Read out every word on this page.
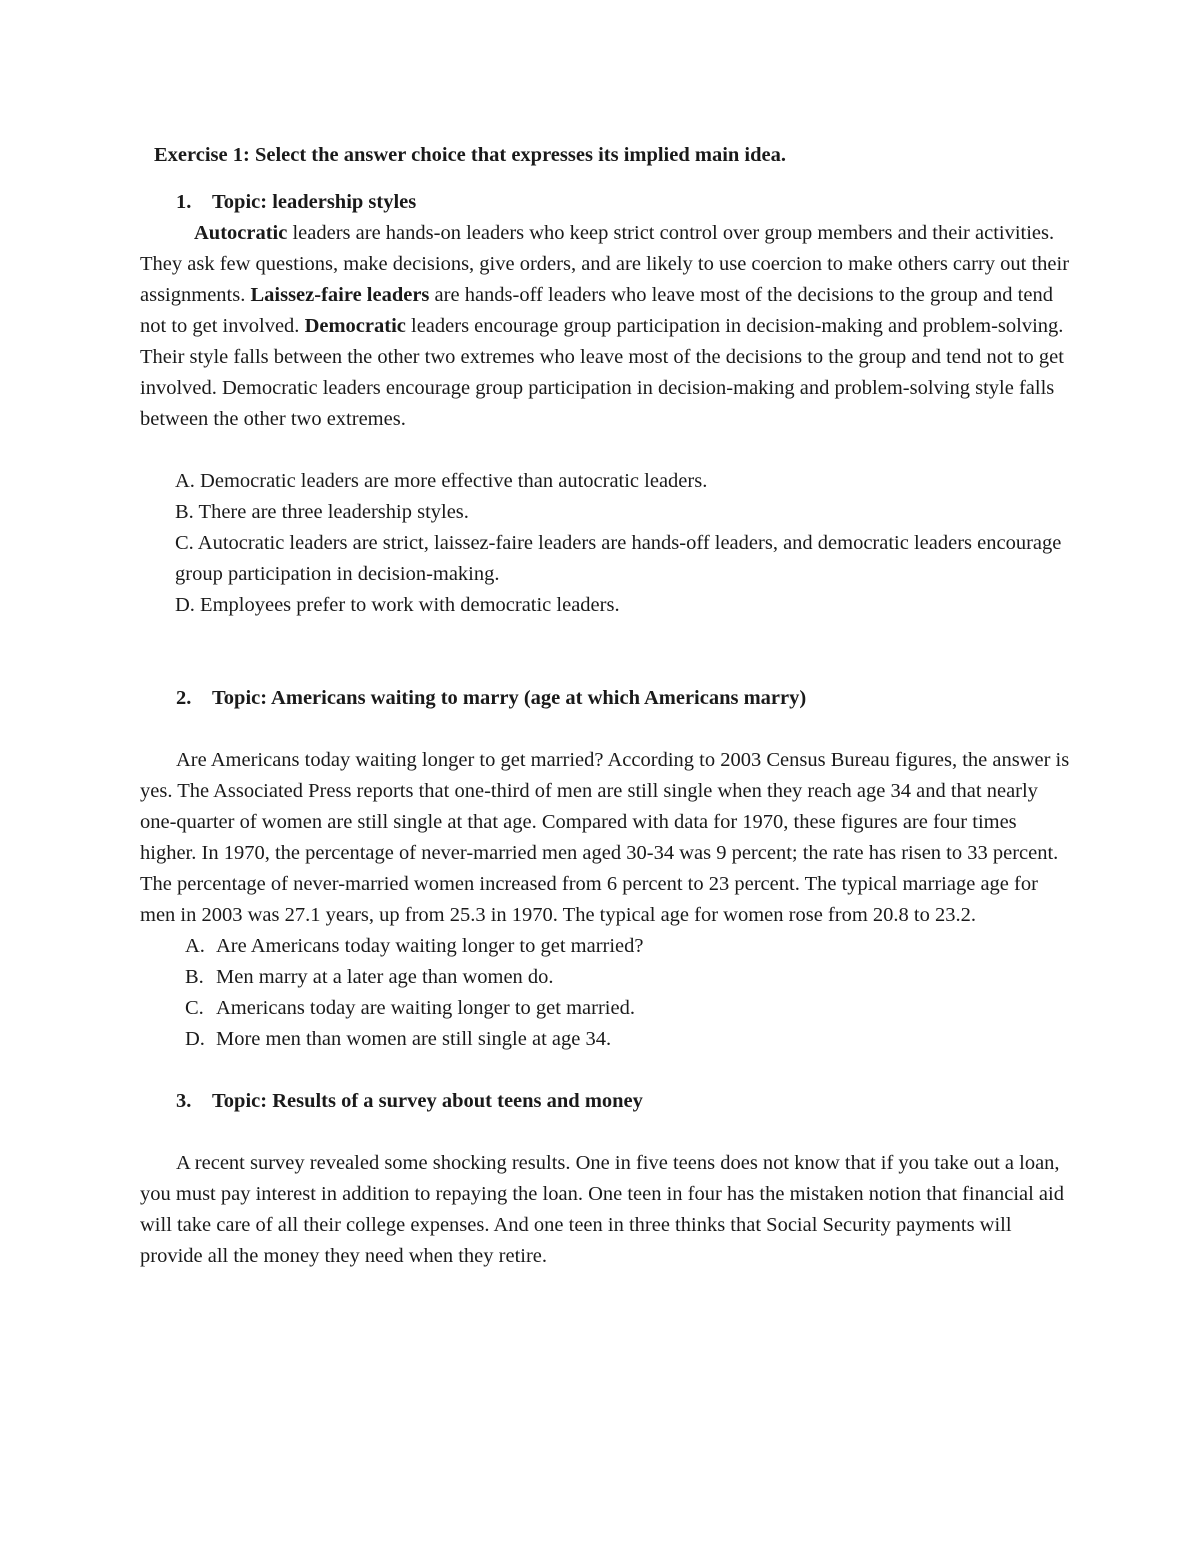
Exercise 1: Select the answer choice that expresses its implied main idea.

1. Topic: leadership styles

Autocratic leaders are hands-on leaders who keep strict control over group members and their activities. They ask few questions, make decisions, give orders, and are likely to use coercion to make others carry out their assignments. Laissez-faire leaders are hands-off leaders who leave most of the decisions to the group and tend not to get involved. Democratic leaders encourage group participation in decision-making and problem-solving. Their style falls between the other two extremes who leave most of the decisions to the group and tend not to get involved. Democratic leaders encourage group participation in decision-making and problem-solving style falls between the other two extremes.

A. Democratic leaders are more effective than autocratic leaders.
B. There are three leadership styles.
C. Autocratic leaders are strict, laissez-faire leaders are hands-off leaders, and democratic leaders encourage group participation in decision-making.
D. Employees prefer to work with democratic leaders.

2. Topic: Americans waiting to marry (age at which Americans marry)

Are Americans today waiting longer to get married? According to 2003 Census Bureau figures, the answer is yes. The Associated Press reports that one-third of men are still single when they reach age 34 and that nearly one-quarter of women are still single at that age. Compared with data for 1970, these figures are four times higher. In 1970, the percentage of never-married men aged 30-34 was 9 percent; the rate has risen to 33 percent. The percentage of never-married women increased from 6 percent to 23 percent. The typical marriage age for men in 2003 was 27.1 years, up from 25.3 in 1970. The typical age for women rose from 20.8 to 23.2.

A. Are Americans today waiting longer to get married?
B. Men marry at a later age than women do.
C. Americans today are waiting longer to get married.
D. More men than women are still single at age 34.

3. Topic: Results of a survey about teens and money

A recent survey revealed some shocking results. One in five teens does not know that if you take out a loan, you must pay interest in addition to repaying the loan. One teen in four has the mistaken notion that financial aid will take care of all their college expenses. And one teen in three thinks that Social Security payments will provide all the money they need when they retire.
